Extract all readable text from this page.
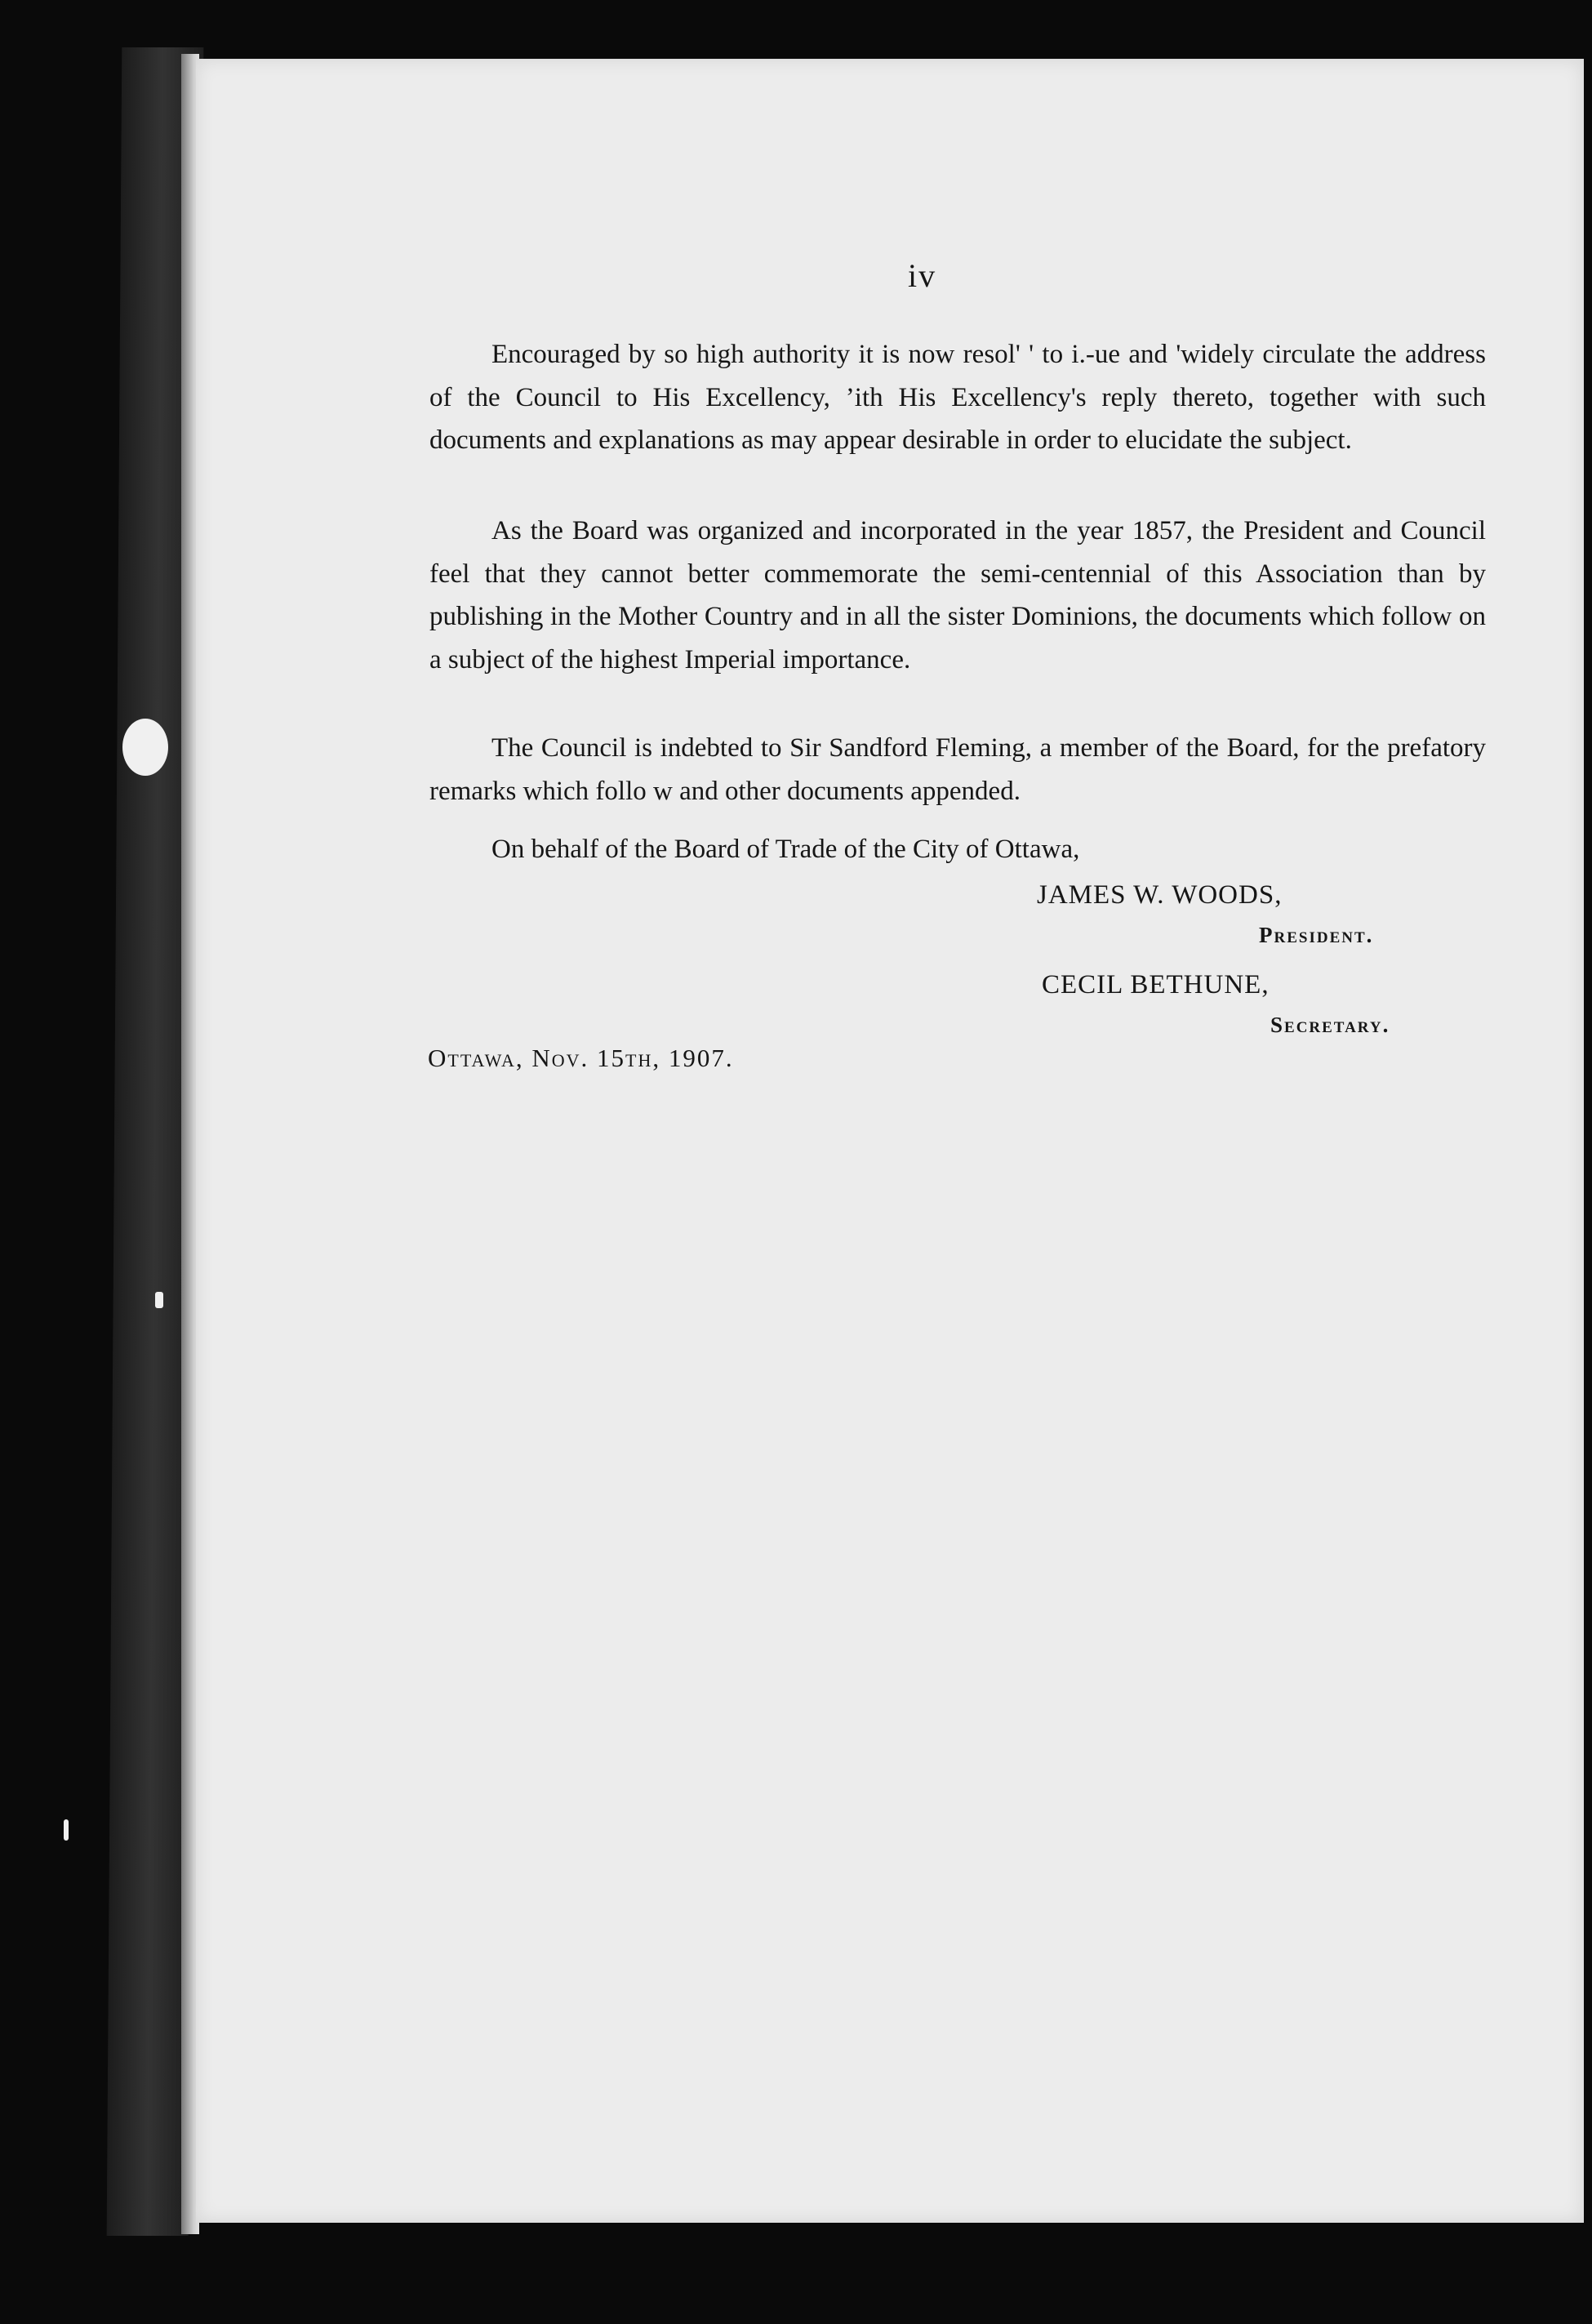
iv

Encouraged by so high authority it is now resol' ' to i.-ue and 'widely circulate the address of the Council to His Excellency, ’ith His Excellency's reply thereto, together with such documents and explanations as may appear desirable in order to elucidate the subject.

As the Board was organized and incorporated in the year 1857, the President and Council feel that they cannot better commemorate the semi-centennial of this Association than by publishing in the Mother Country and in all the sister Dominions, the documents which follow on a subject of the highest Imperial importance.

The Council is indebted to Sir Sandford Fleming, a member of the Board, for the prefatory remarks which follo w and other documents appended.

On behalf of the Board of Trade of the City of Ottawa,
JAMES W. WOODS,
President.
CECIL BETHUNE,
Secretary.
Ottawa, Nov. 15th, 1907.
